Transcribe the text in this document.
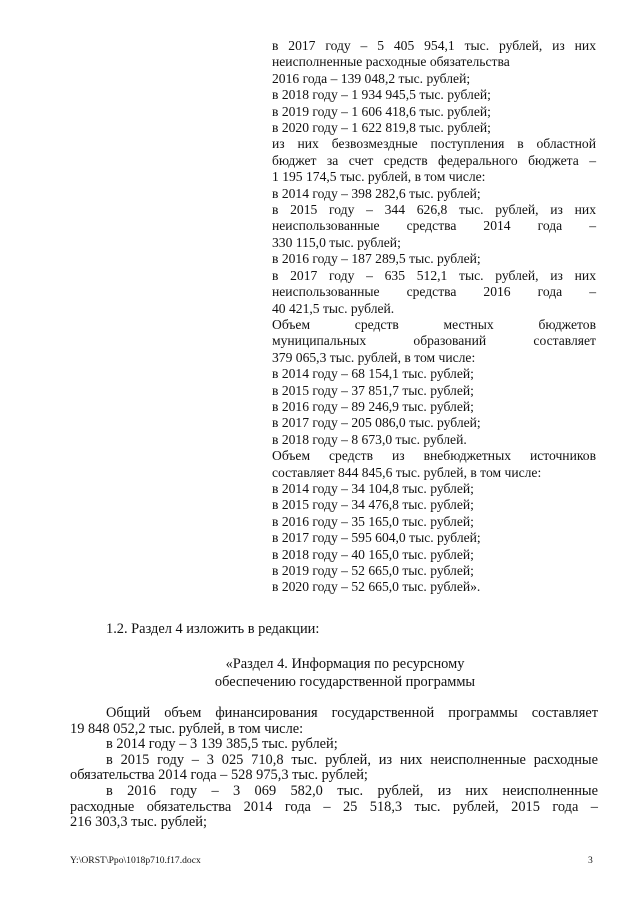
в 2017 году – 5 405 954,1 тыс. рублей, из них
неисполненные расходные обязательства
2016 года – 139 048,2 тыс. рублей;
в 2018 году – 1 934 945,5 тыс. рублей;
в 2019 году – 1 606 418,6 тыс. рублей;
в 2020 году – 1 622 819,8 тыс. рублей;
из них безвозмездные поступления в областной
бюджет за счет средств федерального бюджета –
1 195 174,5 тыс. рублей, в том числе:
в 2014 году – 398 282,6 тыс. рублей;
в 2015 году – 344 626,8 тыс. рублей, из них
неиспользованные средства 2014 года –
330 115,0 тыс. рублей;
в 2016 году – 187 289,5 тыс. рублей;
в 2017 году – 635 512,1 тыс. рублей, из них
неиспользованные средства 2016 года –
40 421,5 тыс. рублей.
Объем средств местных бюджетов
муниципальных образований составляет
379 065,3 тыс. рублей, в том числе:
в 2014 году – 68 154,1 тыс. рублей;
в 2015 году – 37 851,7 тыс. рублей;
в 2016 году – 89 246,9 тыс. рублей;
в 2017 году – 205 086,0 тыс. рублей;
в 2018 году – 8 673,0 тыс. рублей.
Объем средств из внебюджетных источников
составляет 844 845,6 тыс. рублей, в том числе:
в 2014 году – 34 104,8 тыс. рублей;
в 2015 году – 34 476,8 тыс. рублей;
в 2016 году – 35 165,0 тыс. рублей;
в 2017 году – 595 604,0 тыс. рублей;
в 2018 году – 40 165,0 тыс. рублей;
в 2019 году – 52 665,0 тыс. рублей;
в 2020 году – 52 665,0 тыс. рублей».
1.2. Раздел 4 изложить в редакции:
«Раздел 4. Информация по ресурсному
обеспечению государственной программы
Общий объем финансирования государственной программы составляет
19 848 052,2 тыс. рублей, в том числе:
в 2014 году – 3 139 385,5 тыс. рублей;
в 2015 году – 3 025 710,8 тыс. рублей, из них неисполненные расходные
обязательства 2014 года – 528 975,3 тыс. рублей;
в 2016 году – 3 069 582,0 тыс. рублей, из них неисполненные
расходные обязательства 2014 года – 25 518,3 тыс. рублей, 2015 года –
216 303,3 тыс. рублей;
Y:\ORST\Ppo\1018p710.f17.docx	3
